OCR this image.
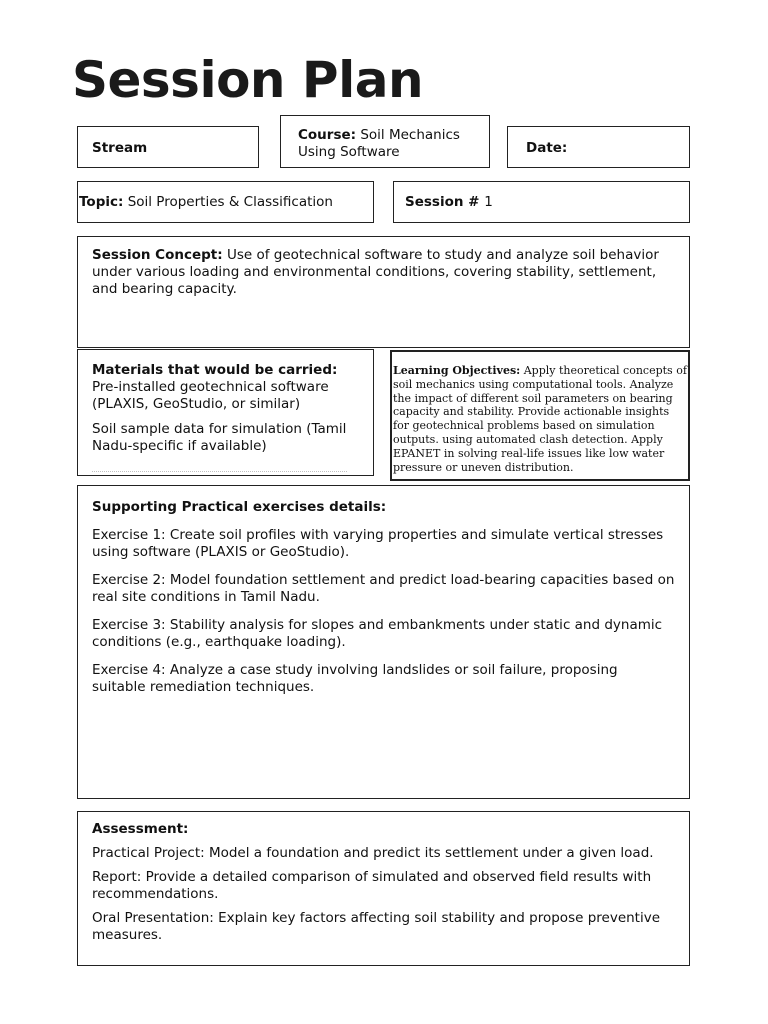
Session Plan
Stream
Course: Soil Mechanics Using Software	Date:
Topic: Soil Properties & Classification	Session # 1
Session Concept: Use of geotechnical software to study and analyze soil behavior under various loading and environmental conditions, covering stability, settlement, and bearing capacity.

Materials that would be carried: Pre-installed geotechnical software (PLAXIS, GeoStudio, or similar)

Soil sample data for simulation (Tamil Nadu-specific if available)

Learning Objectives: Apply theoretical concepts of soil mechanics using computational tools. Analyze the impact of different soil parameters on bearing capacity and stability. Provide actionable insights for geotechnical problems based on simulation outputs. using automated clash detection. Apply EPANET in solving real-life issues like low water pressure or uneven distribution.

Supporting Practical exercises details:

Exercise 1: Create soil profiles with varying properties and simulate vertical stresses using software (PLAXIS or GeoStudio).

Exercise 2: Model foundation settlement and predict load-bearing capacities based on real site conditions in Tamil Nadu.

Exercise 3: Stability analysis for slopes and embankments under static and dynamic conditions (e.g., earthquake loading).

Exercise 4: Analyze a case study involving landslides or soil failure, proposing suitable remediation techniques.

Assessment:

Practical Project: Model a foundation and predict its settlement under a given load.

Report: Provide a detailed comparison of simulated and observed field results with recommendations.

Oral Presentation: Explain key factors affecting soil stability and propose preventive measures.
